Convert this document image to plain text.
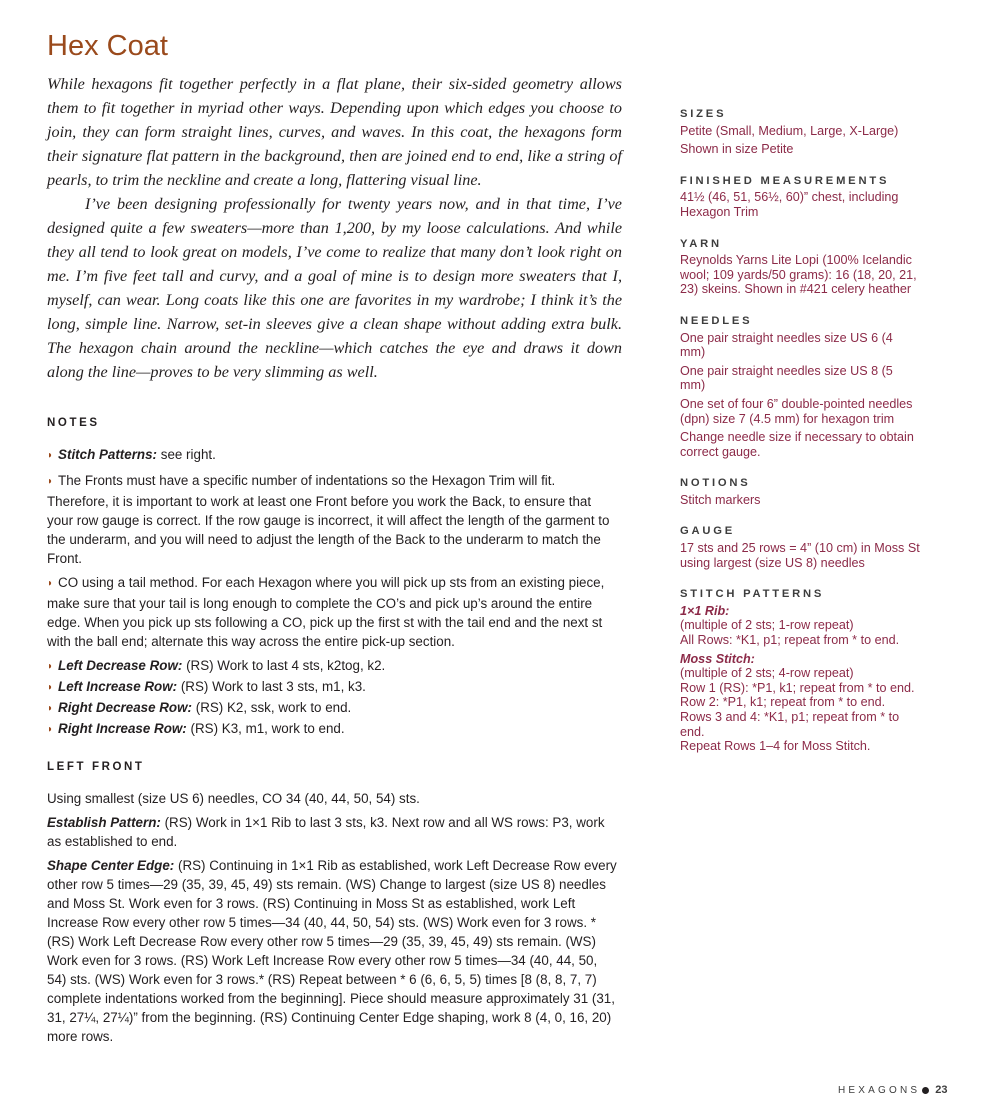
Hex Coat

While hexagons fit together perfectly in a flat plane, their six-sided geometry allows them to fit together in myriad other ways. Depending upon which edges you choose to join, they can form straight lines, curves, and waves. In this coat, the hexagons form their signature flat pattern in the background, then are joined end to end, like a string of pearls, to trim the neckline and create a long, flattering visual line.

I’ve been designing professionally for twenty years now, and in that time, I’ve designed quite a few sweaters—more than 1,200, by my loose calculations. And while they all tend to look great on models, I’ve come to realize that many don’t look right on me. I’m five feet tall and curvy, and a goal of mine is to design more sweaters that I, myself, can wear. Long coats like this one are favorites in my wardrobe; I think it’s the long, simple line. Narrow, set-in sleeves give a clean shape without adding extra bulk. The hexagon chain around the neckline—which catches the eye and draws it down along the line—proves to be very slimming as well.

NOTES

◗ Stitch Patterns: see right.

◗ The Fronts must have a specific number of indentations so the Hexagon Trim will fit. Therefore, it is important to work at least one Front before you work the Back, to ensure that your row gauge is correct. If the row gauge is incorrect, it will affect the length of the garment to the underarm, and you will need to adjust the length of the Back to the underarm to match the Front.

◗ CO using a tail method. For each Hexagon where you will pick up sts from an existing piece, make sure that your tail is long enough to complete the CO’s and pick up’s around the entire edge. When you pick up sts following a CO, pick up the first st with the tail end and the next st with the ball end; alternate this way across the entire pick-up section.

◗ Left Decrease Row: (RS) Work to last 4 sts, k2tog, k2.

◗ Left Increase Row: (RS) Work to last 3 sts, m1, k3.

◗ Right Decrease Row: (RS) K2, ssk, work to end.

◗ Right Increase Row: (RS) K3, m1, work to end.

LEFT FRONT

Using smallest (size US 6) needles, CO 34 (40, 44, 50, 54) sts.

Establish Pattern: (RS) Work in 1×1 Rib to last 3 sts, k3. Next row and all WS rows: P3, work as established to end.

Shape Center Edge: (RS) Continuing in 1×1 Rib as established, work Left Decrease Row every other row 5 times—29 (35, 39, 45, 49) sts remain. (WS) Change to largest (size US 8) needles and Moss St. Work even for 3 rows. (RS) Continuing in Moss St as established, work Left Increase Row every other row 5 times—34 (40, 44, 50, 54) sts. (WS) Work even for 3 rows. *(RS) Work Left Decrease Row every other row 5 times—29 (35, 39, 45, 49) sts remain. (WS) Work even for 3 rows. (RS) Work Left Increase Row every other row 5 times—34 (40, 44, 50, 54) sts. (WS) Work even for 3 rows.* (RS) Repeat between * 6 (6, 6, 5, 5) times [8 (8, 8, 7, 7) complete indentations worked from the beginning]. Piece should measure approximately 31 (31, 31, 27¼, 27¼)” from the beginning. (RS) Continuing Center Edge shaping, work 8 (4, 0, 16, 20) more rows.

SIZES
Petite (Small, Medium, Large, X-Large)
Shown in size Petite
FINISHED MEASUREMENTS
41½ (46, 51, 56½, 60)” chest, including Hexagon Trim
YARN
Reynolds Yarns Lite Lopi (100% Icelandic wool; 109 yards/50 grams): 16 (18, 20, 21, 23) skeins. Shown in #421 celery heather
NEEDLES
One pair straight needles size US 6 (4 mm)
One pair straight needles size US 8 (5 mm)
One set of four 6” double-pointed needles (dpn) size 7 (4.5 mm) for hexagon trim
Change needle size if necessary to obtain correct gauge.
NOTIONS
Stitch markers
GAUGE
17 sts and 25 rows = 4” (10 cm) in Moss St using largest (size US 8) needles
STITCH PATTERNS
1×1 Rib:
(multiple of 2 sts; 1-row repeat)
All Rows: *K1, p1; repeat from * to end.
Moss Stitch:
(multiple of 2 sts; 4-row repeat)
Row 1 (RS): *P1, k1; repeat from * to end.
Row 2: *P1, k1; repeat from * to end.
Rows 3 and 4: *K1, p1; repeat from * to end.
Repeat Rows 1–4 for Moss Stitch.
HEXAGONS 23
